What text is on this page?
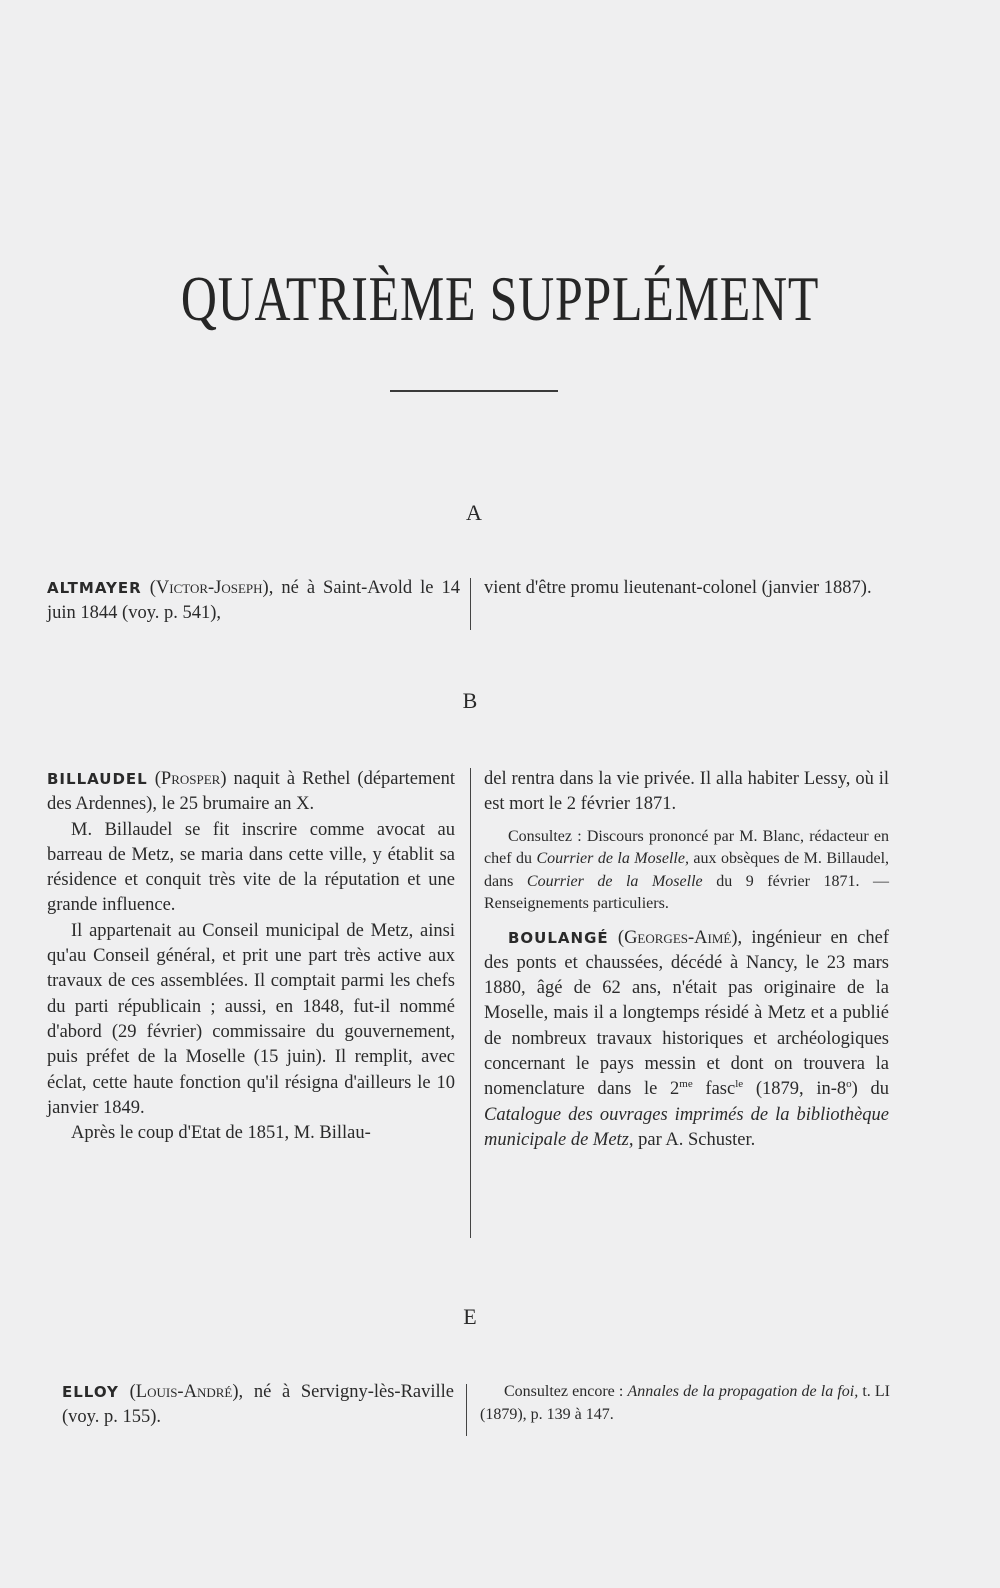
QUATRIÈME SUPPLÉMENT
A

ALTMAYER (Victor-Joseph), né à Saint-Avold le 14 juin 1844 (voy. p. 541),

vient d'être promu lieutenant-colonel (janvier 1887).

B

BILLAUDEL (Prosper) naquit à Rethel (département des Ardennes), le 25 brumaire an X.

M. Billaudel se fit inscrire comme avocat au barreau de Metz, se maria dans cette ville, y établit sa résidence et conquit très vite de la réputation et une grande influence.

Il appartenait au Conseil municipal de Metz, ainsi qu'au Conseil général, et prit une part très active aux travaux de ces assemblées. Il comptait parmi les chefs du parti républicain ; aussi, en 1848, fut-il nommé d'abord (29 février) commissaire du gouvernement, puis préfet de la Moselle (15 juin). Il remplit, avec éclat, cette haute fonction qu'il résigna d'ailleurs le 10 janvier 1849.

Après le coup d'Etat de 1851, M. Billau-

del rentra dans la vie privée. Il alla habiter Lessy, où il est mort le 2 février 1871.

Consultez : Discours prononcé par M. Blanc, rédacteur en chef du Courrier de la Moselle, aux obsèques de M. Billaudel, dans Courrier de la Moselle du 9 février 1871. — Renseignements particuliers.

BOULANGÉ (Georges-Aimé), ingénieur en chef des ponts et chaussées, décédé à Nancy, le 23 mars 1880, âgé de 62 ans, n'était pas originaire de la Moselle, mais il a longtemps résidé à Metz et a publié de nombreux travaux historiques et archéologiques concernant le pays messin et dont on trouvera la nomenclature dans le $2^{me}$ fasc$^{le}$ (1879, in-8$^o$) du Catalogue des ouvrages imprimés de la bibliothèque municipale de Metz, par A. Schuster.

E

ELLOY (Louis-André), né à Servigny-lès-Raville (voy. p. 155).

Consultez encore : Annales de la propagation de la foi, t. LI (1879), p. 139 à 147.
